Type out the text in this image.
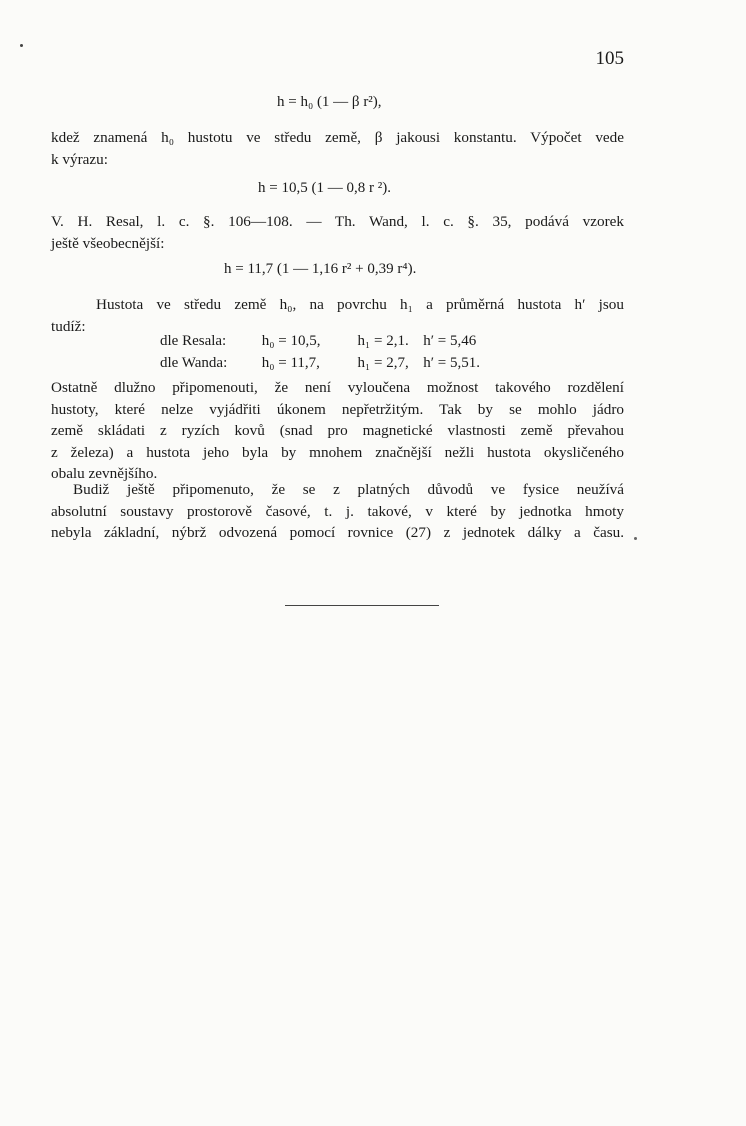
105
h = h₀ (1 — β r²),
kdež znamená h₀ hustotu ve středu země, β jakousi konstantu. Výpočet vede
k výrazu:
h = 10,5 (1 — 0,8 r ²).
V. H. Resal, l. c. §. 106—108. — Th. Wand, l. c. §. 35, podává vzorek
ještě všeobecnější:
h = 11,7 (1 — 1,16 r² + 0,39 r⁴).
Hustota ve středu země h₀, na povrchu h₁ a průměrná hustota h′ jsou
tudíž:
dle Resala: h₀ = 10,5, h₁ = 2,1. h′ = 5,46
dle Wanda: h₀ = 11,7,	h₁ = 2,7, h′ = 5,51.
Ostatně dlužno připomenouti, že není vyloučena možnost takového rozdělení
hustoty, které nelze vyjádřiti úkonem nepřetržitým. Tak by se mohlo jádro
země skládati z ryzích kovů (snad pro magnetické vlastnosti země převahou
z železa) a hustota jeho byla by mnohem značnější nežli hustota okysličeného
obalu zevnějšího.
Budiž ještě připomenuto, že se z platných důvodů ve fysice neužívá
absolutní soustavy prostorově časové, t. j. takové, v které by jednotka hmoty
nebyla základní, nýbrž odvozená pomocí rovnice (27) z jednotek dálky a času.
